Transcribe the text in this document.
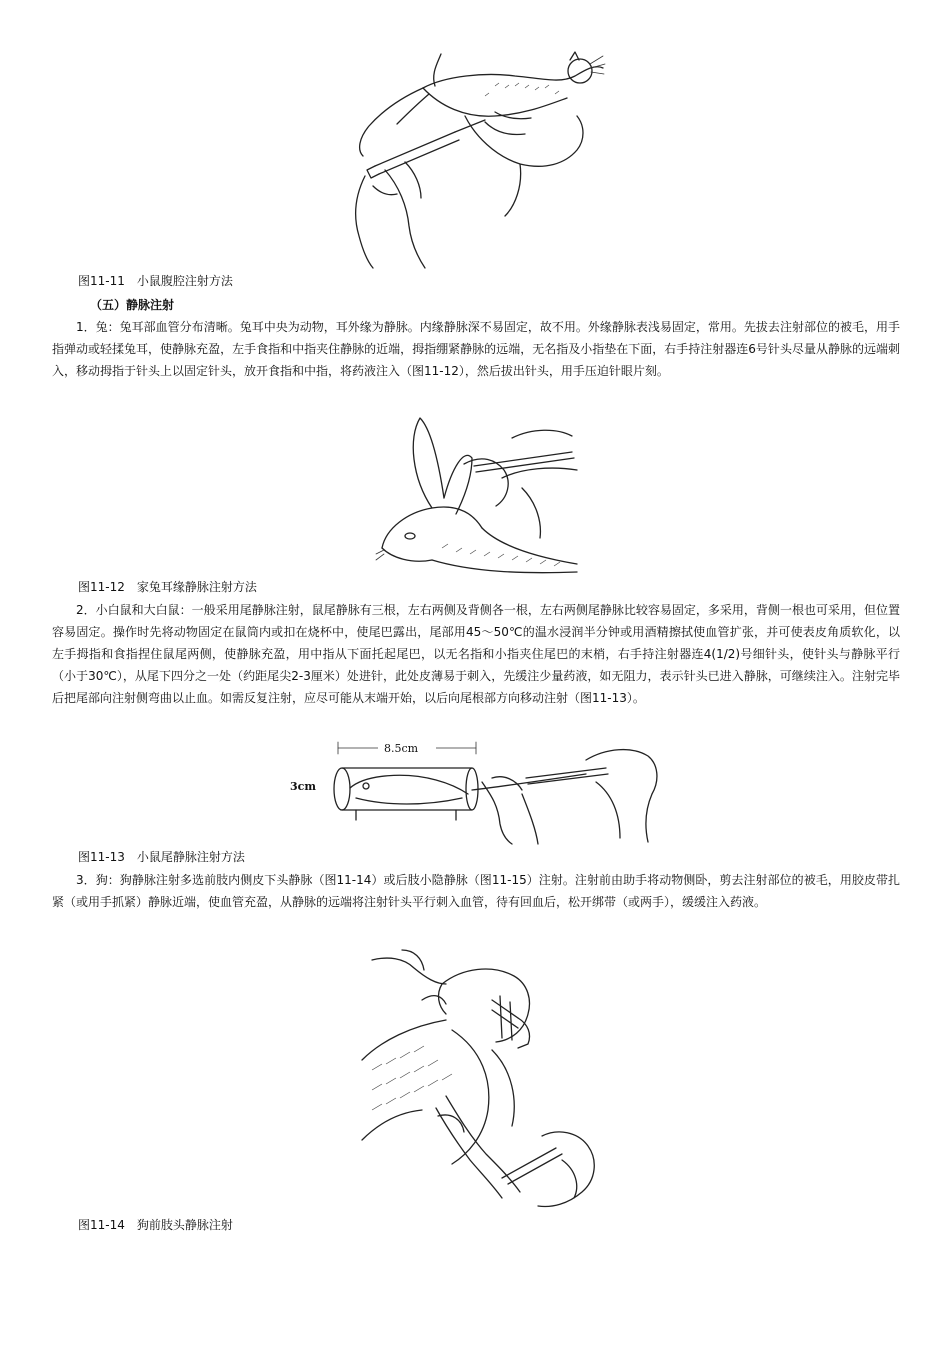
图11-11　小鼠腹腔注射方法
（五）静脉注射

1．兔：兔耳部血管分布清晰。兔耳中央为动物，耳外缘为静脉。内缘静脉深不易固定，故不用。外缘静脉表浅易固定，常用。先拔去注射部位的被毛，用手指弹动或轻揉兔耳，使静脉充盈，左手食指和中指夹住静脉的近端，拇指绷紧静脉的远端，无名指及小指垫在下面，右手持注射器连6号针头尽量从静脉的远端刺入，移动拇指于针头上以固定针头，放开食指和中指，将药液注入（图11-12），然后拔出针头，用手压迫针眼片刻。

图11-12　家兔耳缘静脉注射方法

2．小白鼠和大白鼠：一般采用尾静脉注射，鼠尾静脉有三根，左右两侧及背侧各一根，左右两侧尾静脉比较容易固定，多采用，背侧一根也可采用，但位置容易固定。操作时先将动物固定在鼠筒内或扣在烧杯中，使尾巴露出，尾部用45～50℃的温水浸润半分钟或用酒精擦拭使血管扩张，并可使表皮角质软化，以左手拇指和食指捏住鼠尾两侧，使静脉充盈，用中指从下面托起尾巴，以无名指和小指夹住尾巴的末梢，右手持注射器连4(1/2)号细针头，使针头与静脉平行（小于30℃），从尾下四分之一处（约距尾尖2-3厘米）处进针，此处皮薄易于刺入，先缓注少量药液，如无阻力，表示针头已进入静脉，可继续注入。注射完毕后把尾部向注射侧弯曲以止血。如需反复注射，应尽可能从末端开始，以后向尾根部方向移动注射（图11-13）。

8.5cm
3cm
图11-13　小鼠尾静脉注射方法

3．狗：狗静脉注射多选前肢内侧皮下头静脉（图11-14）或后肢小隐静脉（图11-15）注射。注射前由助手将动物侧卧，剪去注射部位的被毛，用胶皮带扎紧（或用手抓紧）静脉近端，使血管充盈，从静脉的远端将注射针头平行刺入血管，待有回血后，松开绑带（或两手），缓缓注入药液。

图11-14　狗前肢头静脉注射
